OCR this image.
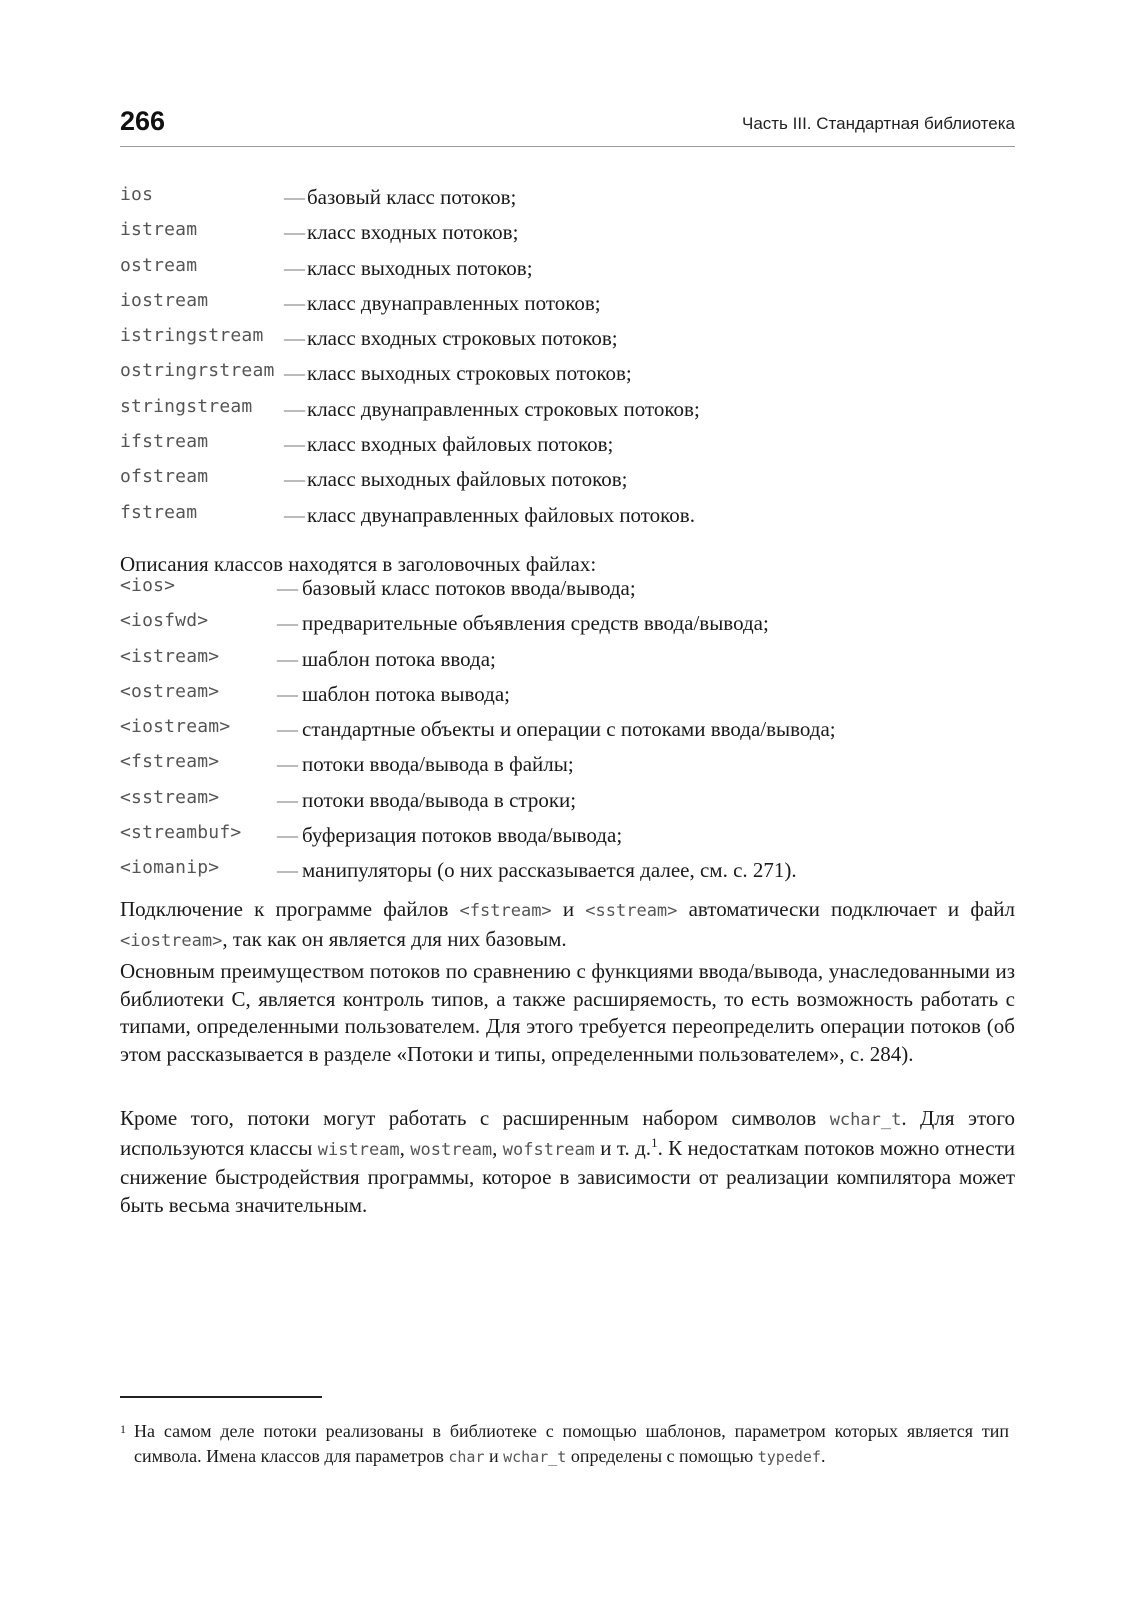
266	Часть III. Стандартная библиотека
ios	— базовый класс потоков;
istream	— класс входных потоков;
ostream	— класс выходных потоков;
iostream	— класс двунаправленных потоков;
istringstream — класс входных строковых потоков;
ostringrstream — класс выходных строковых потоков;
stringstream — класс двунаправленных строковых потоков;
ifstream	— класс входных файловых потоков;
ofstream	— класс выходных файловых потоков;
fstream	— класс двунаправленных файловых потоков.
Описания классов находятся в заголовочных файлах:
<ios>	— базовый класс потоков ввода/вывода;
<iosfwd>	— предварительные объявления средств ввода/вывода;
<istream>	— шаблон потока ввода;
<ostream>	— шаблон потока вывода;
<iostream> — стандартные объекты и операции с потоками ввода/вывода;
<fstream>	— потоки ввода/вывода в файлы;
<sstream>	— потоки ввода/вывода в строки;
<streambuf> — буферизация потоков ввода/вывода;
<iomanip>	— манипуляторы (о них рассказывается далее, см. с. 271).

Подключение к программе файлов <fstream> и <sstream> автоматически подключает и файл <iostream>, так как он является для них базовым.

Основным преимуществом потоков по сравнению с функциями ввода/вывода, унаследованными из библиотеки С, является контроль типов, а также расширяемость, то есть возможность работать с типами, определенными пользователем. Для этого требуется переопределить операции потоков (об этом рассказывается в разделе «Потоки и типы, определенными пользователем», с. 284).

Кроме того, потоки могут работать с расширенным набором символов wchar_t. Для этого используются классы wistream, wostream, wofstream и т. д.$^1$. К недостаткам потоков можно отнести снижение быстродействия программы, которое в зависимости от реализации компилятора может быть весьма значительным.

1 На самом деле потоки реализованы в библиотеке с помощью шаблонов, параметром которых является тип символа. Имена классов для параметров char и wchar_t определены с помощью typedef.
